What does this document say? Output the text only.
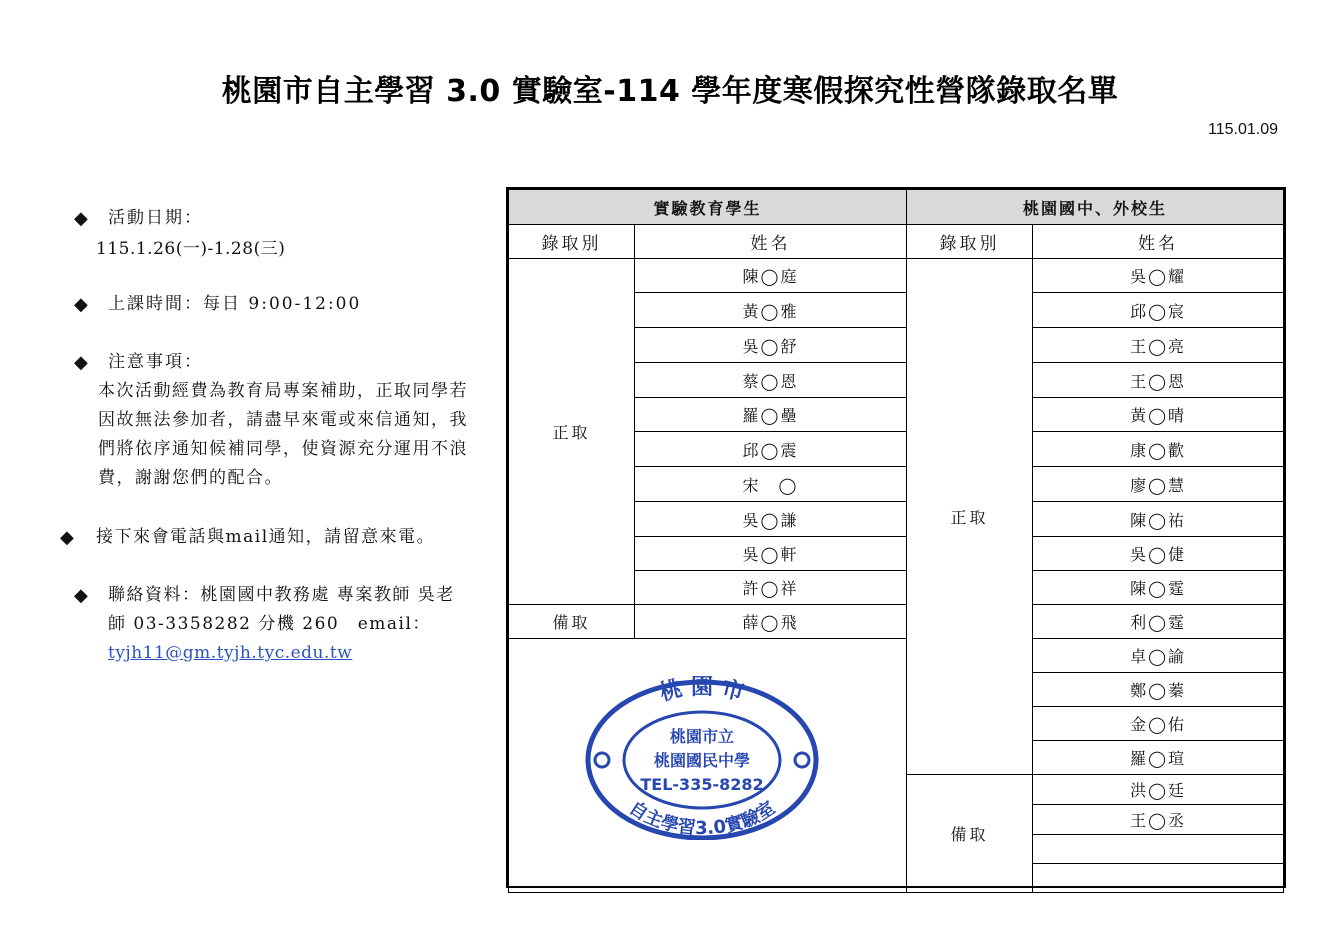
桃園市自主學習 3.0 實驗室-114 學年度寒假探究性營隊錄取名單
115.01.09
◆ 活動日期：
115.1.26(一)-1.28(三)
◆ 上課時間：每日 9:00-12:00
◆ 注意事項：
本次活動經費為教育局專案補助，正取同學若
因故無法參加者，請盡早來電或來信通知，我
們將依序通知候補同學，使資源充分運用不浪
費，謝謝您們的配合。
◆ 接下來會電話與mail通知，請留意來電。
◆ 聯絡資料：桃園國中教務處 專案教師 吳老
師 03-3358282 分機 260　email：
tyjh11@gm.tyjh.tyc.edu.tw
實驗教育學生		桃園國中、外校生	
錄取別	姓名	錄取別	姓名
正取	陳◯庭	正取	吳◯耀
	黃◯雅		邱◯宸
	吳◯舒		王◯亮
	蔡◯恩		王◯恩
	羅◯壘		黃◯晴
	邱◯震		康◯歡
	宋　◯		廖◯慧
	吳◯謙		陳◯祐
	吳◯軒		吳◯倢
	許◯祥		陳◯霆
備取	薛◯飛		利◯霆
			卓◯諭
			鄭◯蓁
			金◯佑
			羅◯瑄
		備取	洪◯廷
			王◯丞

桃 園 市
自主學習3.0實驗室
桃園市立
桃園國民中學
TEL-335-8282
